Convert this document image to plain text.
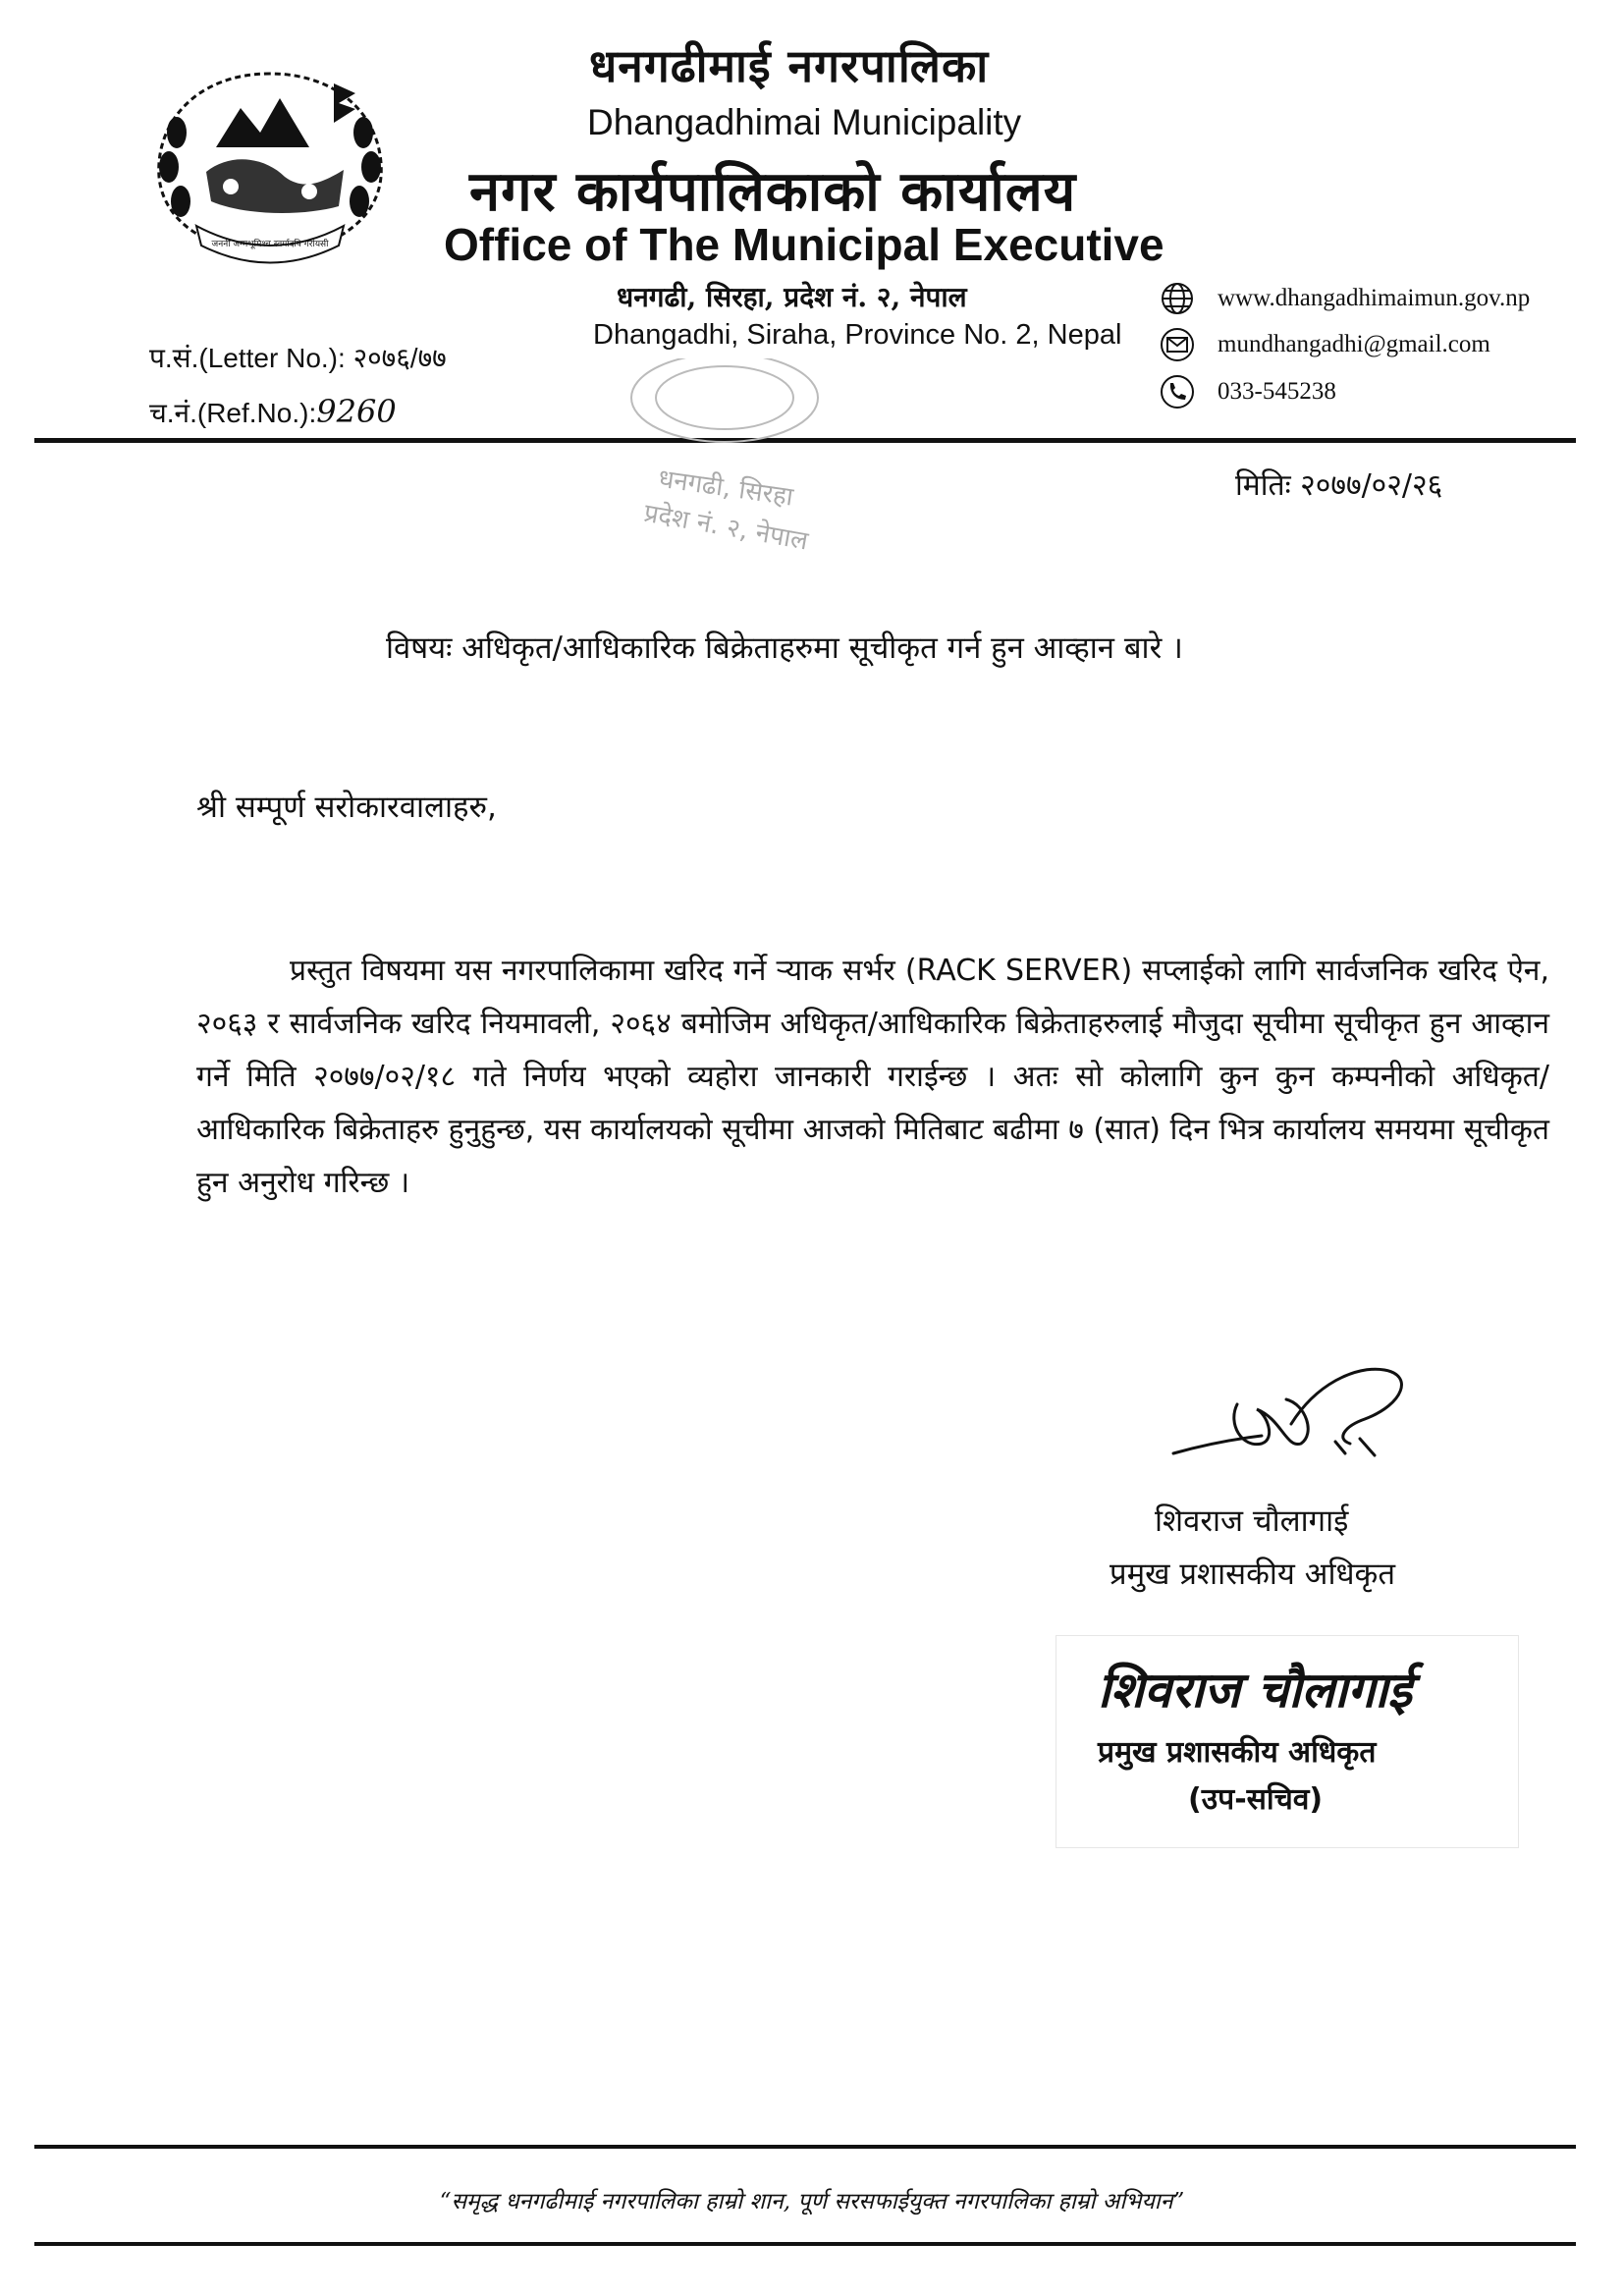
जननी जन्मभूमिश्च स्वर्गादपि गरीयसी
धनगढीमाई नगरपालिका
Dhangadhimai Municipality
नगर कार्यपालिकाको कार्यालय
Office of The Municipal Executive
धनगढी, सिरहा, प्रदेश नं. २, नेपाल
Dhangadhi, Siraha, Province No. 2, Nepal
प.सं.(Letter No.): २०७६/७७
च.नं.(Ref.No.):9260
www.dhangadhimaimun.gov.np
mundhangadhi@gmail.com
033-545238
धनगढी, सिरहा
प्रदेश नं. २, नेपाल
मितिः २०७७/०२/२६
विषयः अधिकृत/आधिकारिक बिक्रेताहरुमा सूचीकृत गर्न हुन आव्हान बारे ।
श्री सम्पूर्ण सरोकारवालाहरु,

प्रस्तुत विषयमा यस नगरपालिकामा खरिद गर्ने र्‍याक सर्भर (RACK SERVER) सप्लाईको लागि सार्वजनिक खरिद ऐन, २०६३ र सार्वजनिक खरिद नियमावली, २०६४ बमोजिम अधिकृत/आधिकारिक बिक्रेताहरुलाई मौजुदा सूचीमा सूचीकृत हुन आव्हान गर्ने मिति २०७७/०२/१८ गते निर्णय भएको व्यहोरा जानकारी गराईन्छ । अतः सो कोलागि कुन कुन कम्पनीको अधिकृत/आधिकारिक बिक्रेताहरु हुनुहुन्छ, यस कार्यालयको सूचीमा आजको मितिबाट बढीमा ७ (सात) दिन भित्र कार्यालय समयमा सूचीकृत हुन अनुरोध गरिन्छ ।

शिवराज चौलागाई
प्रमुख प्रशासकीय अधिकृत
शिवराज चौलागाई
प्रमुख प्रशासकीय अधिकृत
(उप-सचिव)
“समृद्ध धनगढीमाई नगरपालिका हाम्रो शान, पूर्ण सरसफाईयुक्त नगरपालिका हाम्रो अभियान”
